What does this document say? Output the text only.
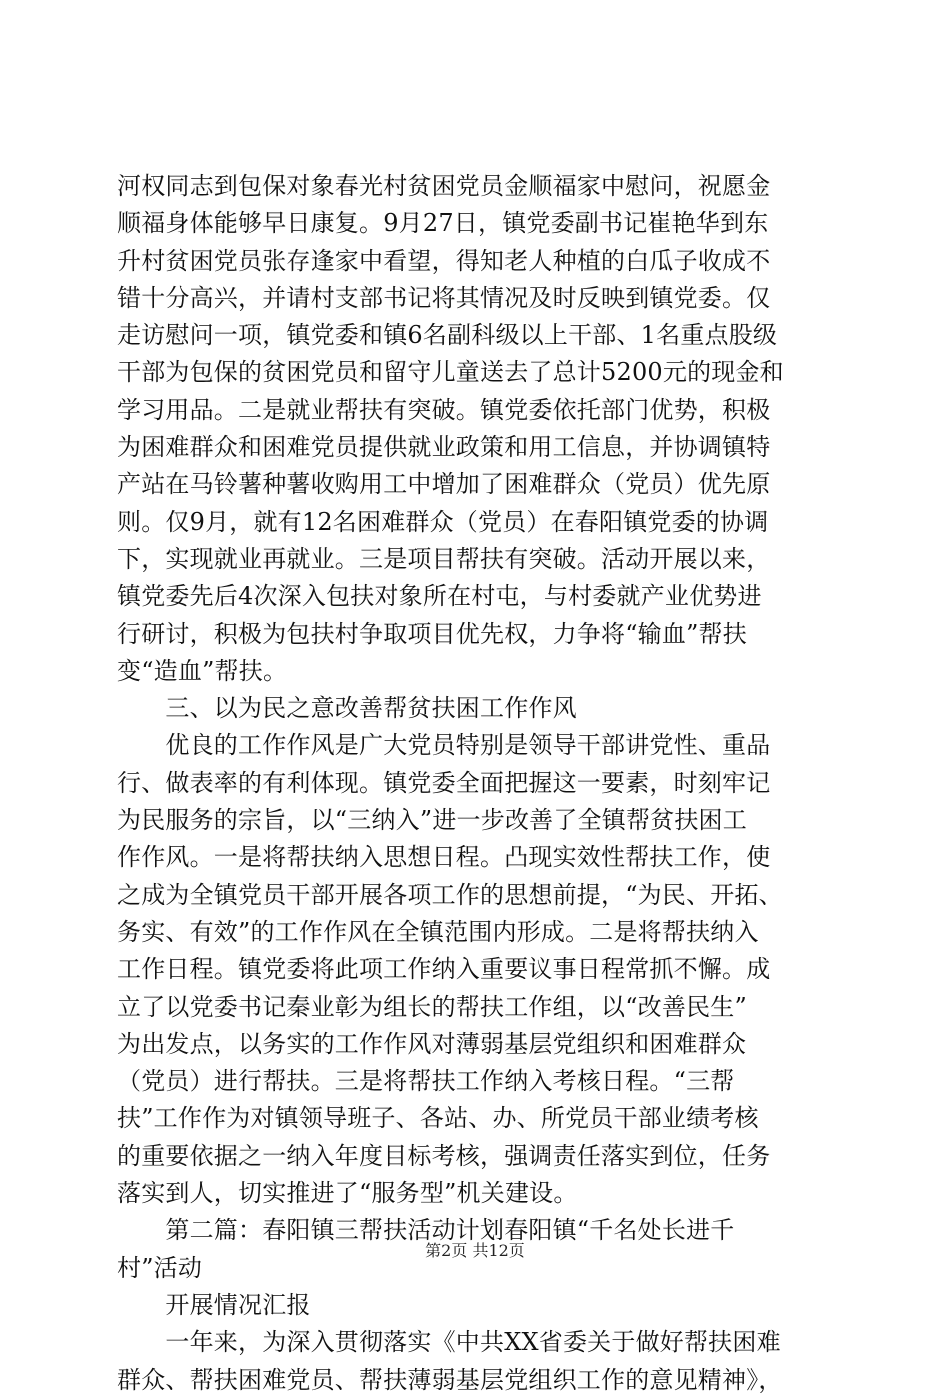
河权同志到包保对象春光村贫困党员金顺福家中慰问，祝愿金
顺福身体能够早日康复。9月27日，镇党委副书记崔艳华到东
升村贫困党员张存逢家中看望，得知老人种植的白瓜子收成不
错十分高兴，并请村支部书记将其情况及时反映到镇党委。仅
走访慰问一项，镇党委和镇6名副科级以上干部、1名重点股级
干部为包保的贫困党员和留守儿童送去了总计5200元的现金和
学习用品。二是就业帮扶有突破。镇党委依托部门优势，积极
为困难群众和困难党员提供就业政策和用工信息，并协调镇特
产站在马铃薯种薯收购用工中增加了困难群众（党员）优先原
则。仅9月，就有12名困难群众（党员）在春阳镇党委的协调
下，实现就业再就业。三是项目帮扶有突破。活动开展以来，
镇党委先后4次深入包扶对象所在村屯，与村委就产业优势进
行研讨，积极为包扶村争取项目优先权，力争将“输血”帮扶
变“造血”帮扶。
　　三、以为民之意改善帮贫扶困工作作风
　　优良的工作作风是广大党员特别是领导干部讲党性、重品
行、做表率的有利体现。镇党委全面把握这一要素，时刻牢记
为民服务的宗旨，以“三纳入”进一步改善了全镇帮贫扶困工
作作风。一是将帮扶纳入思想日程。凸现实效性帮扶工作，使
之成为全镇党员干部开展各项工作的思想前提，“为民、开拓、
务实、有效”的工作作风在全镇范围内形成。二是将帮扶纳入
工作日程。镇党委将此项工作纳入重要议事日程常抓不懈。成
立了以党委书记秦业彰为组长的帮扶工作组，以“改善民生”
为出发点，以务实的工作作风对薄弱基层党组织和困难群众
（党员）进行帮扶。三是将帮扶工作纳入考核日程。“三帮
扶”工作作为对镇领导班子、各站、办、所党员干部业绩考核
的重要依据之一纳入年度目标考核，强调责任落实到位，任务
落实到人，切实推进了“服务型”机关建设。
　　第二篇：春阳镇三帮扶活动计划春阳镇“千名处长进千
村”活动
　　开展情况汇报
　　一年来，为深入贯彻落实《中共XX省委关于做好帮扶困难
群众、帮扶困难党员、帮扶薄弱基层党组织工作的意见精神》，
第2页 共12页
